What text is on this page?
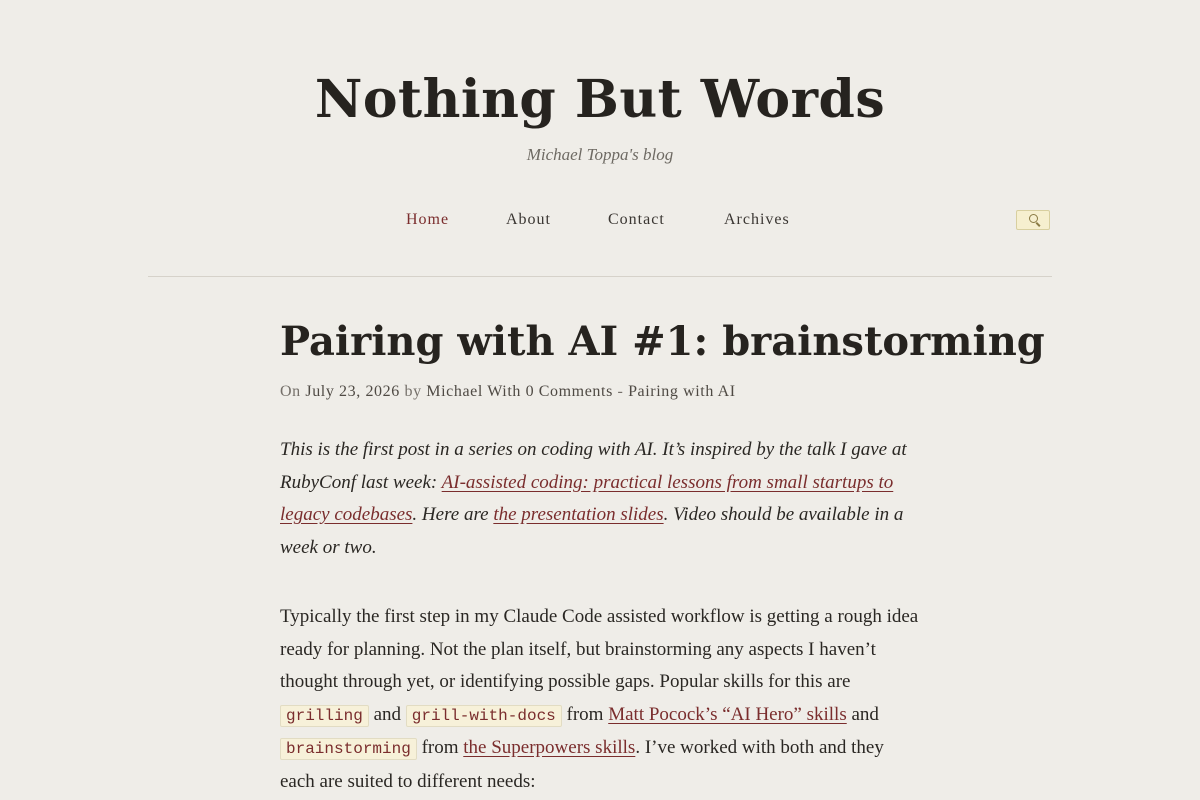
Nothing But Words
Michael Toppa's blog
Home	About	Contact	Archives
Pairing with AI #1: brainstorming
On July 23, 2026 by Michael With 0 Comments - Pairing with AI

This is the first post in a series on coding with AI. It’s inspired by the talk I gave at RubyConf last week: AI-assisted coding: practical lessons from small startups to legacy codebases. Here are the presentation slides. Video should be available in a week or two.

Typically the first step in my Claude Code assisted workflow is getting a rough idea ready for planning. Not the plan itself, but brainstorming any aspects I haven’t thought through yet, or identifying possible gaps. Popular skills for this are grilling and grill-with-docs from Matt Pocock’s “AI Hero” skills and brainstorming from the Superpowers skills. I’ve worked with both and they each are suited to different needs:
